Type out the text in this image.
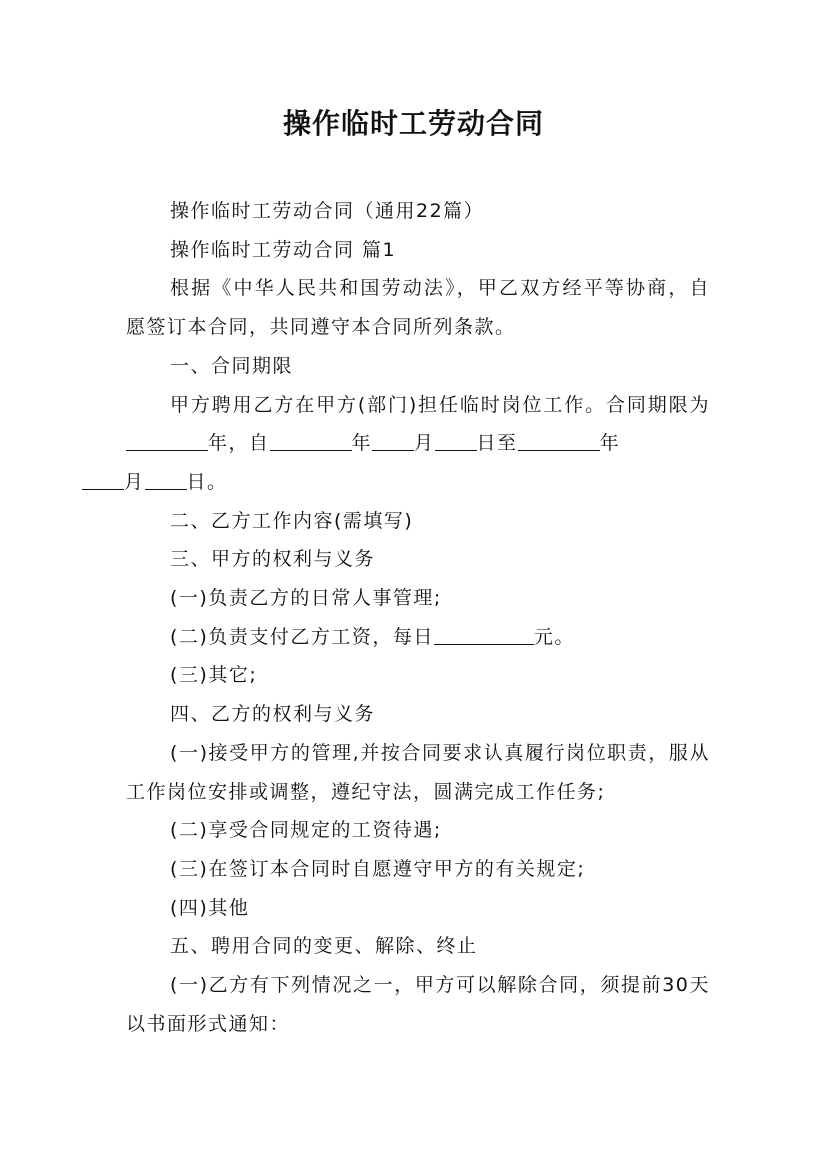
操作临时工劳动合同

操作临时工劳动合同（通用22篇）

操作临时工劳动合同 篇1

根据《中华人民共和国劳动法》，甲乙双方经平等协商，自愿签订本合同，共同遵守本合同所列条款。

一、合同期限

甲方聘用乙方在甲方(部门)担任临时岗位工作。合同期限为年，自	年 月 日至	年
月 日。

二、乙方工作内容(需填写)

三、甲方的权利与义务

(一)负责乙方的日常人事管理;

(二)负责支付乙方工资，每日	元。

(三)其它;

四、乙方的权利与义务

(一)接受甲方的管理,并按合同要求认真履行岗位职责，服从工作岗位安排或调整，遵纪守法，圆满完成工作任务;

(二)享受合同规定的工资待遇;

(三)在签订本合同时自愿遵守甲方的有关规定;

(四)其他

五、聘用合同的变更、解除、终止

(一)乙方有下列情况之一，甲方可以解除合同，须提前30天以书面形式通知：
